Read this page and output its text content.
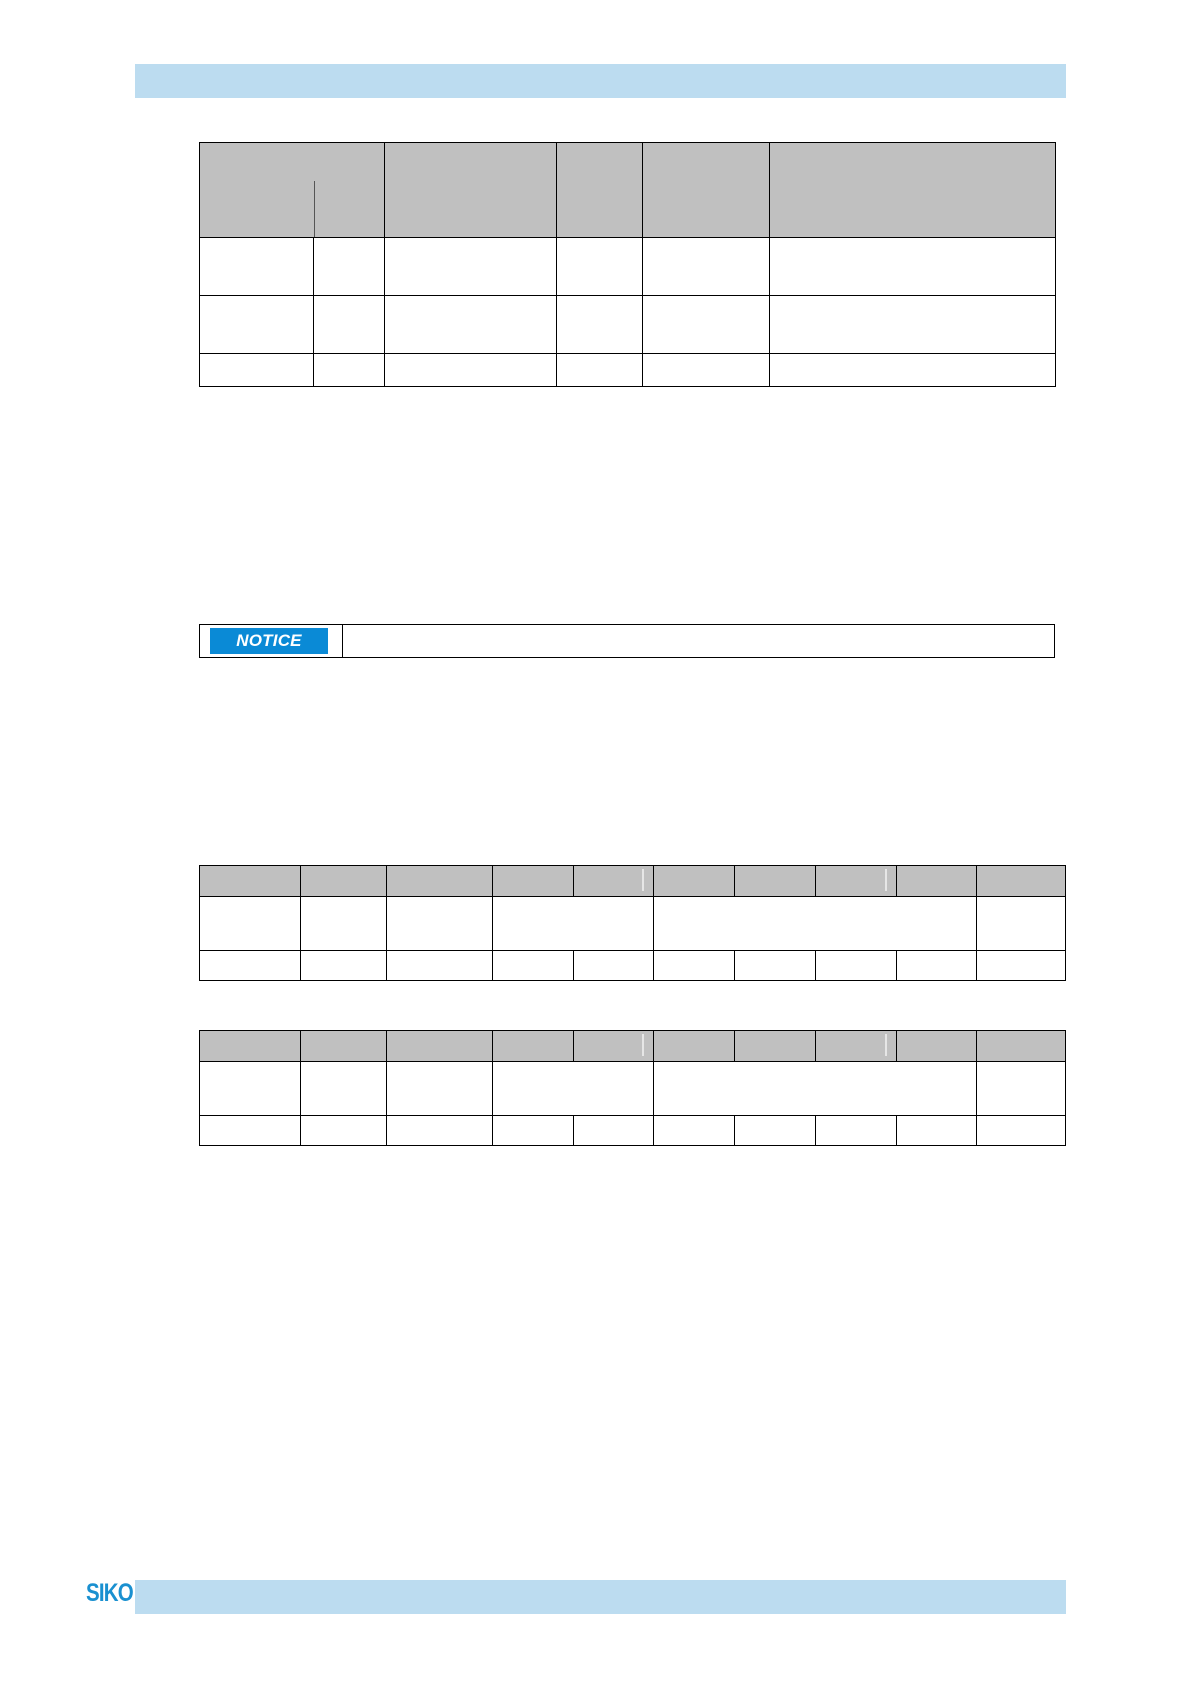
NOTICE

SIKO
